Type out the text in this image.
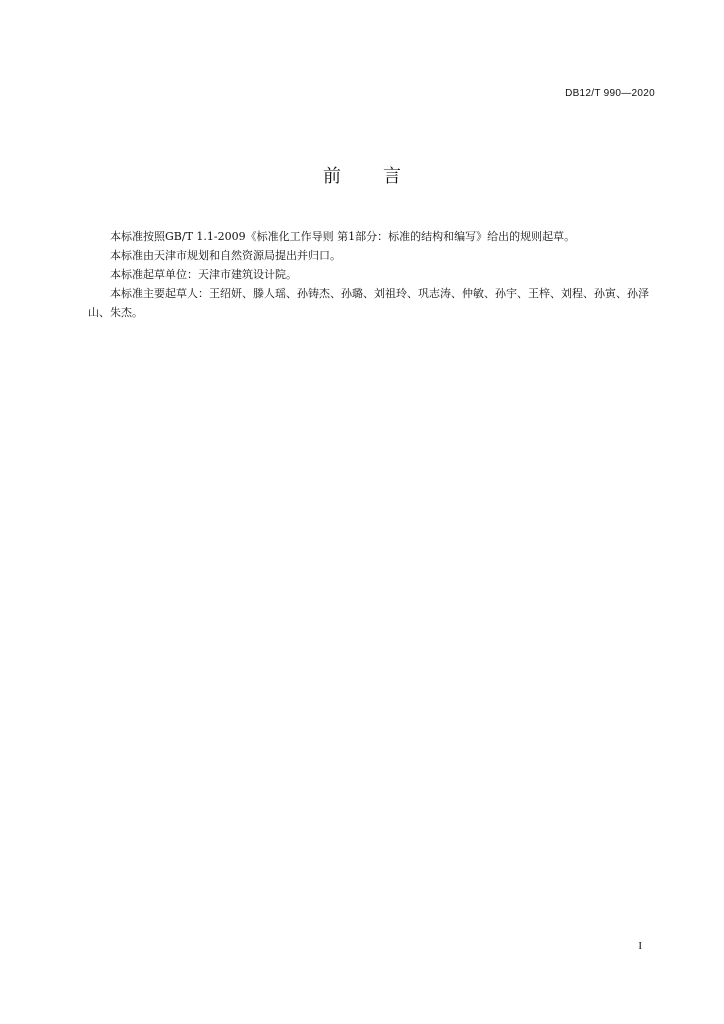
DB12/T 990—2020
前 言

本标准按照GB/T 1.1-2009《标准化工作导则 第1部分：标准的结构和编写》给出的规则起草。

本标准由天津市规划和自然资源局提出并归口。

本标准起草单位：天津市建筑设计院。

本标准主要起草人：王绍妍、滕人瑶、孙铸杰、孙璐、刘祖玲、巩志涛、仲敏、孙宇、王梓、刘程、孙寅、孙泽山、朱杰。

I
